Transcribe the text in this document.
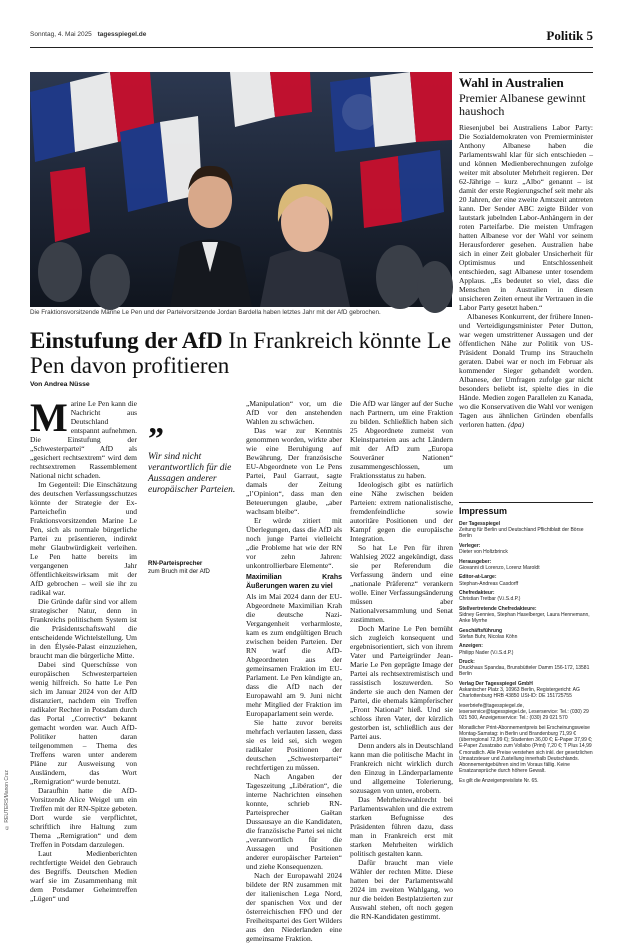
Sonntag, 4. Mai 2025 tagesspiegel.de	Politik 5
© REUTERS/Manon Cruz
Die Fraktionsvorsitzende Marine Le Pen und der Parteivorsitzende Jordan Bardella haben letztes Jahr mit der AfD gebrochen.
Einstufung der AfD In Frankreich könnte Le Pen davon profitieren
Von Andrea Nüsse

Marine Le Pen kann die Nachricht aus Deutschland entspannt aufnehmen. Die Einstufung der „Schwesterpartei“ AfD als „gesichert rechtsextrem“ wird dem rechtsextremen Rassemblement National nicht schaden.

Im Gegenteil: Die Einschätzung des deutschen Verfassungsschutzes könnte der Strategie der Ex-Parteichefin und Fraktionsvorsitzenden Marine Le Pen, sich als normale bürgerliche Partei zu präsentieren, indirekt mehr Glaubwürdigkeit verleihen. Le Pen hatte bereits im vergangenen Jahr öffentlichkeitswirksam mit der AfD gebrochen – weil sie ihr zu radikal war.

Die Gründe dafür sind vor allem strategischer Natur, denn in Frankreichs politischem System ist die Präsidentschaftswahl die entscheidende Wichtelstellung. Um in den Élysée-Palast einzuziehen, braucht man die bürgerliche Mitte.

Dabei sind Querschüsse von europäischen Schwesterparteien wenig hilfreich. So hatte Le Pen sich im Januar 2024 von der AfD distanziert, nachdem ein Treffen radikaler Rechter in Potsdam durch das Portal „Correctiv“ bekannt gemacht worden war. Auch AfD-Politiker hatten daran teilgenommen – Thema des Treffens waren unter anderem Pläne zur Ausweisung von Ausländern, das Wort „Remigration“ wurde benutzt.

Daraufhin hatte die AfD-Vorsitzende Alice Weigel um ein Treffen mit der RN-Spitze gebeten. Dort wurde sie verpflichtet, schriftlich ihre Haltung zum Thema „Remigration“ und dem Treffen in Potsdam darzulegen.

Laut Medienberichten rechtfertigte Weidel den Gebrauch des Begriffs. Deutschen Medien warf sie im Zusammenhang mit dem Potsdamer Geheimtreffen „Lügen“ und

”
Wir sind nicht verantwortlich für die Aussagen anderer europäischer Parteien.
RN-Parteisprecher
zum Bruch mit der AfD

„Manipulation“ vor, um die AfD vor den anstehenden Wahlen zu schwächen.

Das war zur Kenntnis genommen worden, wirkte aber wie eine Beruhigung auf Bewährung. Der französische EU-Abgeordnete von Le Pens Partei, Paul Garraut, sagte damals der Zeitung „l’Opinion“, dass man den Beteuerungen glaube, „aber wachsam bleibe“.

Er würde zitiert mit Überlegungen, dass die AfD als noch junge Partei vielleicht „die Probleme hat wie der RN vor zehn Jahren: unkontrollierbare Elemente“.

Maximilian Krahs Äußerungen waren zu viel

Als im Mai 2024 dann der EU-Abgeordnete Maximilian Krah die deutsche Nazi-Vergangenheit verharmloste, kam es zum endgültigen Bruch zwischen beiden Parteien. Der RN warf die AfD-Abgeordneten aus der gemeinsamen Fraktion im EU-Parlament. Le Pen kündigte an, dass die AfD nach der Europawahl am 9. Juni nicht mehr Mitglied der Fraktion im Europaparlament sein werde.

Sie hatte zuvor bereits mehrfach verlauten lassen, dass sie es leid sei, sich wegen radikaler Positionen der deutschen „Schwesterpartei“ rechtfertigen zu müssen.

Nach Angaben der Tageszeitung „Libération“, die interne Nachrichten einsehen konnte, schrieb RN-Parteisprecher Gaëtan Dussausaye an die Kandidaten, die französische Partei sei nicht „verantwortlich für die Aussagen und Positionen anderer europäischer Parteien“ und ziehe Konsequenzen.

Nach der Europawahl 2024 bildete der RN zusammen mit der italienischen Lega Nord, der spanischen Vox und der österreichischen FPÖ und der Freiheitspartei des Gert Wilders aus den Niederlanden eine gemeinsame Fraktion.

Die AfD war länger auf der Suche nach Partnern, um eine Fraktion zu bilden. Schließlich haben sich 25 Abgeordnete zumeist von Kleinstparteien aus acht Ländern mit der AfD zum „Europa Souveräner Nationen“ zusammengeschlossen, um Fraktionsstatus zu haben.

Ideologisch gibt es natürlich eine Nähe zwischen beiden Parteien: extrem nationalistische, fremdenfeindliche sowie autoritäre Positionen und der Kampf gegen die europäische Integration.

So hat Le Pen für ihren Wahlsieg 2022 angekündigt, dass sie per Referendum die Verfassung ändern und eine „nationale Präferenz“ verankern wolle. Einer Verfassungsänderung müssen aber Nationalversammlung und Senat zustimmen.

Doch Marine Le Pen bemüht sich zugleich konsequent und ergebnisorientiert, sich von ihrem Vater und Parteigründer Jean-Marie Le Pen geprägte Image der Partei als rechtsextremistisch und rassistisch loszuwerden. So änderte sie auch den Namen der Partei, die ehemals kämpferischer „Front National“ hieß. Und sie schloss ihren Vater, der kürzlich gestorben ist, schließlich aus der Partei aus.

Denn anders als in Deutschland kann man die politische Macht in Frankreich nicht wirklich durch den Einzug in Länderparlamente und allgemeine Tolerierung, sozusagen von unten, erobern.

Das Mehrheitswahlrecht bei Parlamentswahlen und die extrem starken Befugnisse des Präsidenten führen dazu, dass man in Frankreich erst mit starken Mehrheiten wirklich politisch gestalten kann.

Dafür braucht man viele Wähler der rechten Mitte. Diese hatten bei der Parlamentswahl 2024 im zweiten Wahlgang, wo nur die beiden Bestplatzierten zur Auswahl stehen, oft noch gegen die RN-Kandidaten gestimmt.

Wahl in Australien
Premier Albanese gewinnt haushoch

Riesenjubel bei Australiens Labor Party: Die Sozialdemokraten von Premierminister Anthony Albanese haben die Parlamentswahl klar für sich entschieden – und können Medienberechnungen zufolge weiter mit absoluter Mehrheit regieren. Der 62-Jährige – kurz „Albo“ genannt – ist damit der erste Regierungschef seit mehr als 20 Jahren, der eine zweite Amtszeit antreten kann. Der Sender ABC zeigte Bilder von lautstark jubelnden Labor-Anhängern in der roten Parteifarbe. Die meisten Umfragen hatten Albanese vor der Wahl vor seinem Herausforderer gesehen. Australien habe sich in einer Zeit globaler Unsicherheit für Optimismus und Entschlossenheit entschieden, sagt Albanese unter tosendem Applaus. „Es bedeutet so viel, dass die Menschen in Australien in diesen unsicheren Zeiten erneut ihr Vertrauen in die Labor Party gesetzt haben.“

Albaneses Konkurrent, der frühere Innen- und Verteidigungsminister Peter Dutton, war wegen umstrittener Aussagen und der öffentlichen Nähe zur Politik von US-Präsident Donald Trump ins Straucheln geraten. Dabei war er noch im Februar als kommender Sieger gehandelt worden. Albanese, der Umfragen zufolge gar nicht besonders beliebt ist, spielte dies in die Hände. Medien zogen Parallelen zu Kanada, wo die Konservativen die Wahl vor wenigen Tagen aus ähnlichen Gründen ebenfalls verloren hatten. (dpa)

Impressum
Der Tagesspiegel
Zeitung für Berlin und Deutschland Pflichtblatt der Börse Berlin
Verleger:
Dieter von Holtzbrinck
Herausgeber:
Giovanni di Lorenzo, Lorenz Maroldt
Editor-at-Large:
Stephan-Andreas Casdorff
Chefredakteur:
Christian Tretbar (V.i.S.d.P.)
Stellvertretende Chefredakteure:
Sidney Gennies, Stephan Haselberger, Laura Hennemann, Anke Myrrhe
Geschäftsführung
Stefan Buhr, Nicolas Köhn
Anzeigen:
Philipp Nader (V.i.S.d.P.)
Druck:
Druckhaus Spandau, Brunsbütteler Damm 156-172, 13581 Berlin
Verlag Der Tagesspiegel GmbH
Askanischer Platz 3, 10963 Berlin, Registergericht: AG Charlottenburg HRB 43850 USt-ID: DE 151725755
leserbriefe@tagesspiegel.de, leserservice@tagesspiegel.de, Leserservice: Tel.: (030) 29 021 500, Anzeigenservice: Tel.: (030) 29 021 570
Monatlicher Print-Abonnementpreis bei Erscheinungsweise Montag-Samstag: in Berlin und Brandenburg 71,99 € (überregional 72,99 €); Studenten 36,00 €; E-Paper 37,99 €; E-Paper Zusatzabo zum Vollabo (Print) 7,20 €; T Plus 14,99 € monatlich. Alle Preise verstehen sich inkl. der gesetzlichen Umsatzsteuer und Zustellung innerhalb Deutschlands. Abonnementgebühren sind im Voraus fällig. Keine Ersatzansprüche durch höhere Gewalt.
Es gilt die Anzeigenpreisliste Nr. 65.
